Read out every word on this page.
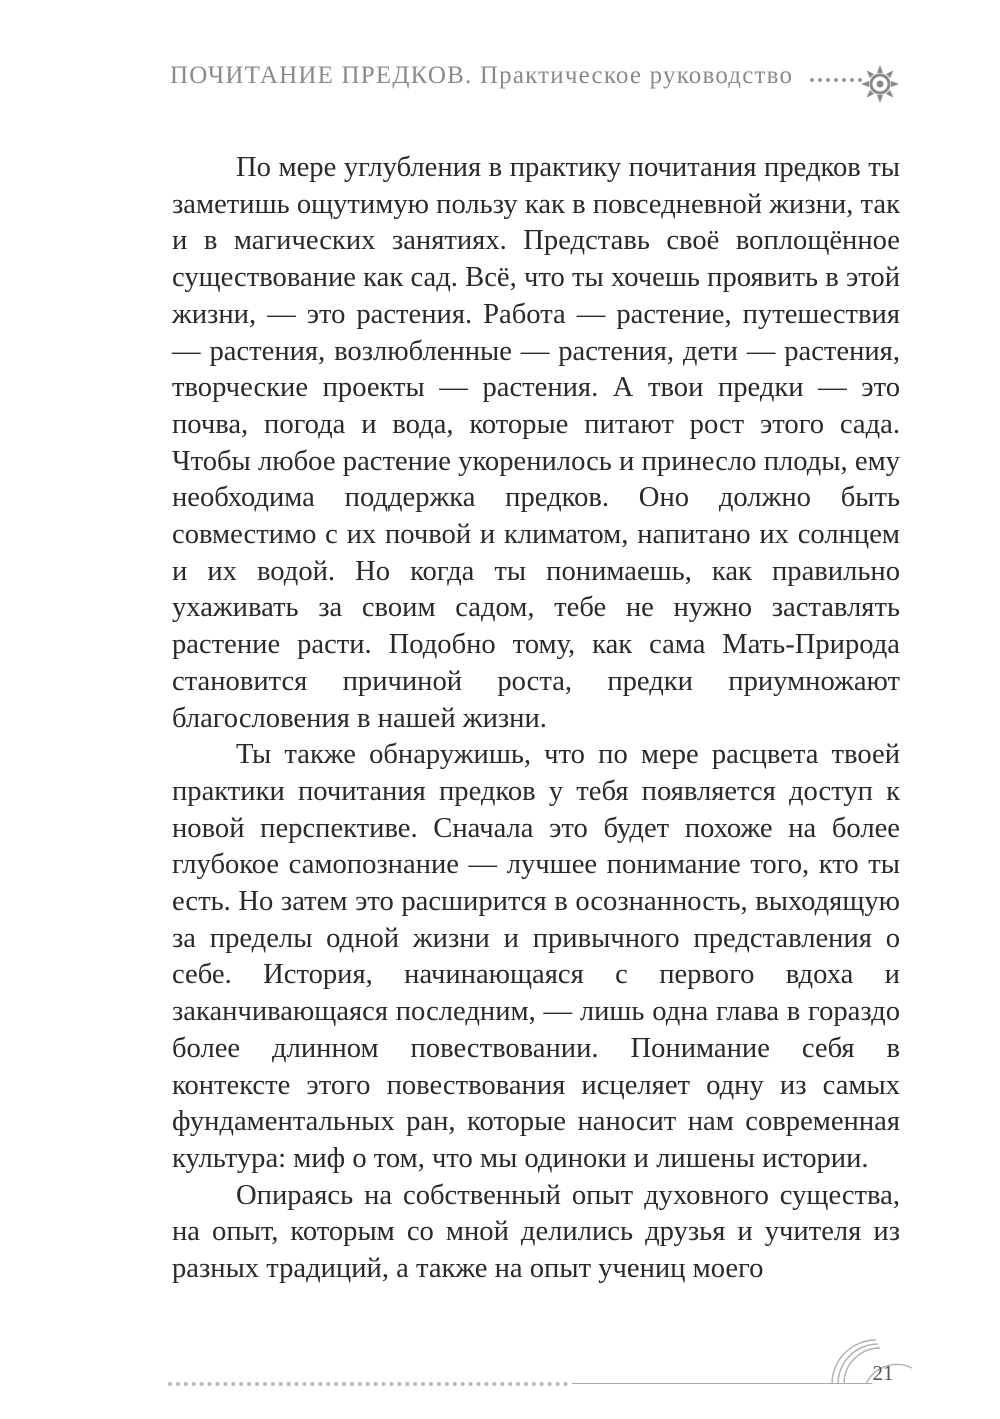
ПОЧИТАНИЕ ПРЕДКОВ. Практическое руководство

По мере углубления в практику почитания предков ты заметишь ощутимую пользу как в повседневной жизни, так и в магических занятиях. Представь своё воплощённое существование как сад. Всё, что ты хочешь проявить в этой жизни, — это растения. Работа — растение, путешествия — растения, возлюбленные — растения, дети — растения, творческие проекты — растения. А твои предки — это почва, погода и вода, которые питают рост этого сада. Чтобы любое растение укоренилось и принесло плоды, ему необходима поддержка предков. Оно должно быть совместимо с их почвой и климатом, напитано их солнцем и их водой. Но когда ты понимаешь, как правильно ухаживать за своим садом, тебе не нужно заставлять растение расти. Подобно тому, как сама Мать-Природа становится причиной роста, предки приумножают благословения в нашей жизни.

Ты также обнаружишь, что по мере расцвета твоей практики почитания предков у тебя появляется доступ к новой перспективе. Сначала это будет похоже на более глубокое самопознание — лучшее понимание того, кто ты есть. Но затем это расширится в осознанность, выходящую за пределы одной жизни и привычного представления о себе. История, начинающаяся с первого вдоха и заканчивающаяся последним, — лишь одна глава в гораздо более длинном повествовании. Понимание себя в контексте этого повествования исцеляет одну из самых фундаментальных ран, которые наносит нам современная культура: миф о том, что мы одиноки и лишены истории.

Опираясь на собственный опыт духовного существа, на опыт, которым со мной делились друзья и учителя из разных традиций, а также на опыт учениц моего

21
